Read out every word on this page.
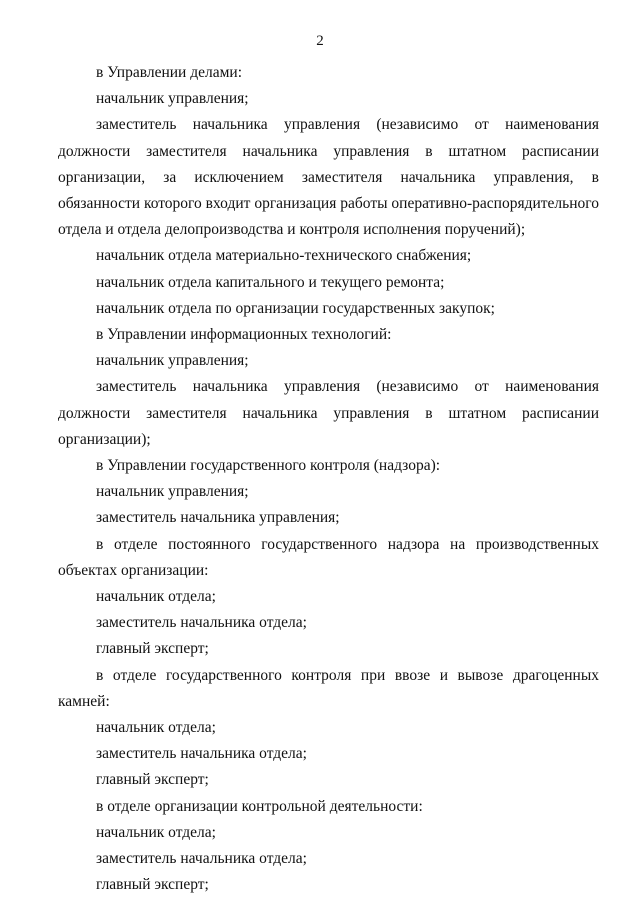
2

в Управлении делами:

начальник управления;

заместитель начальника управления (независимо от наименования должности заместителя начальника управления в штатном расписании организации, за исключением заместителя начальника управления, в обязанности которого входит организация работы оперативно-распорядительного отдела и отдела делопроизводства и контроля исполнения поручений);

начальник отдела материально-технического снабжения;

начальник отдела капитального и текущего ремонта;

начальник отдела по организации государственных закупок;

в Управлении информационных технологий:

начальник управления;

заместитель начальника управления (независимо от наименования должности заместителя начальника управления в штатном расписании организации);

в Управлении государственного контроля (надзора):

начальник управления;

заместитель начальника управления;

в отделе постоянного государственного надзора на производственных объектах организации:

начальник отдела;

заместитель начальника отдела;

главный эксперт;

в отделе государственного контроля при ввозе и вывозе драгоценных камней:

начальник отдела;

заместитель начальника отдела;

главный эксперт;

в отделе организации контрольной деятельности:

начальник отдела;

заместитель начальника отдела;

главный эксперт;
